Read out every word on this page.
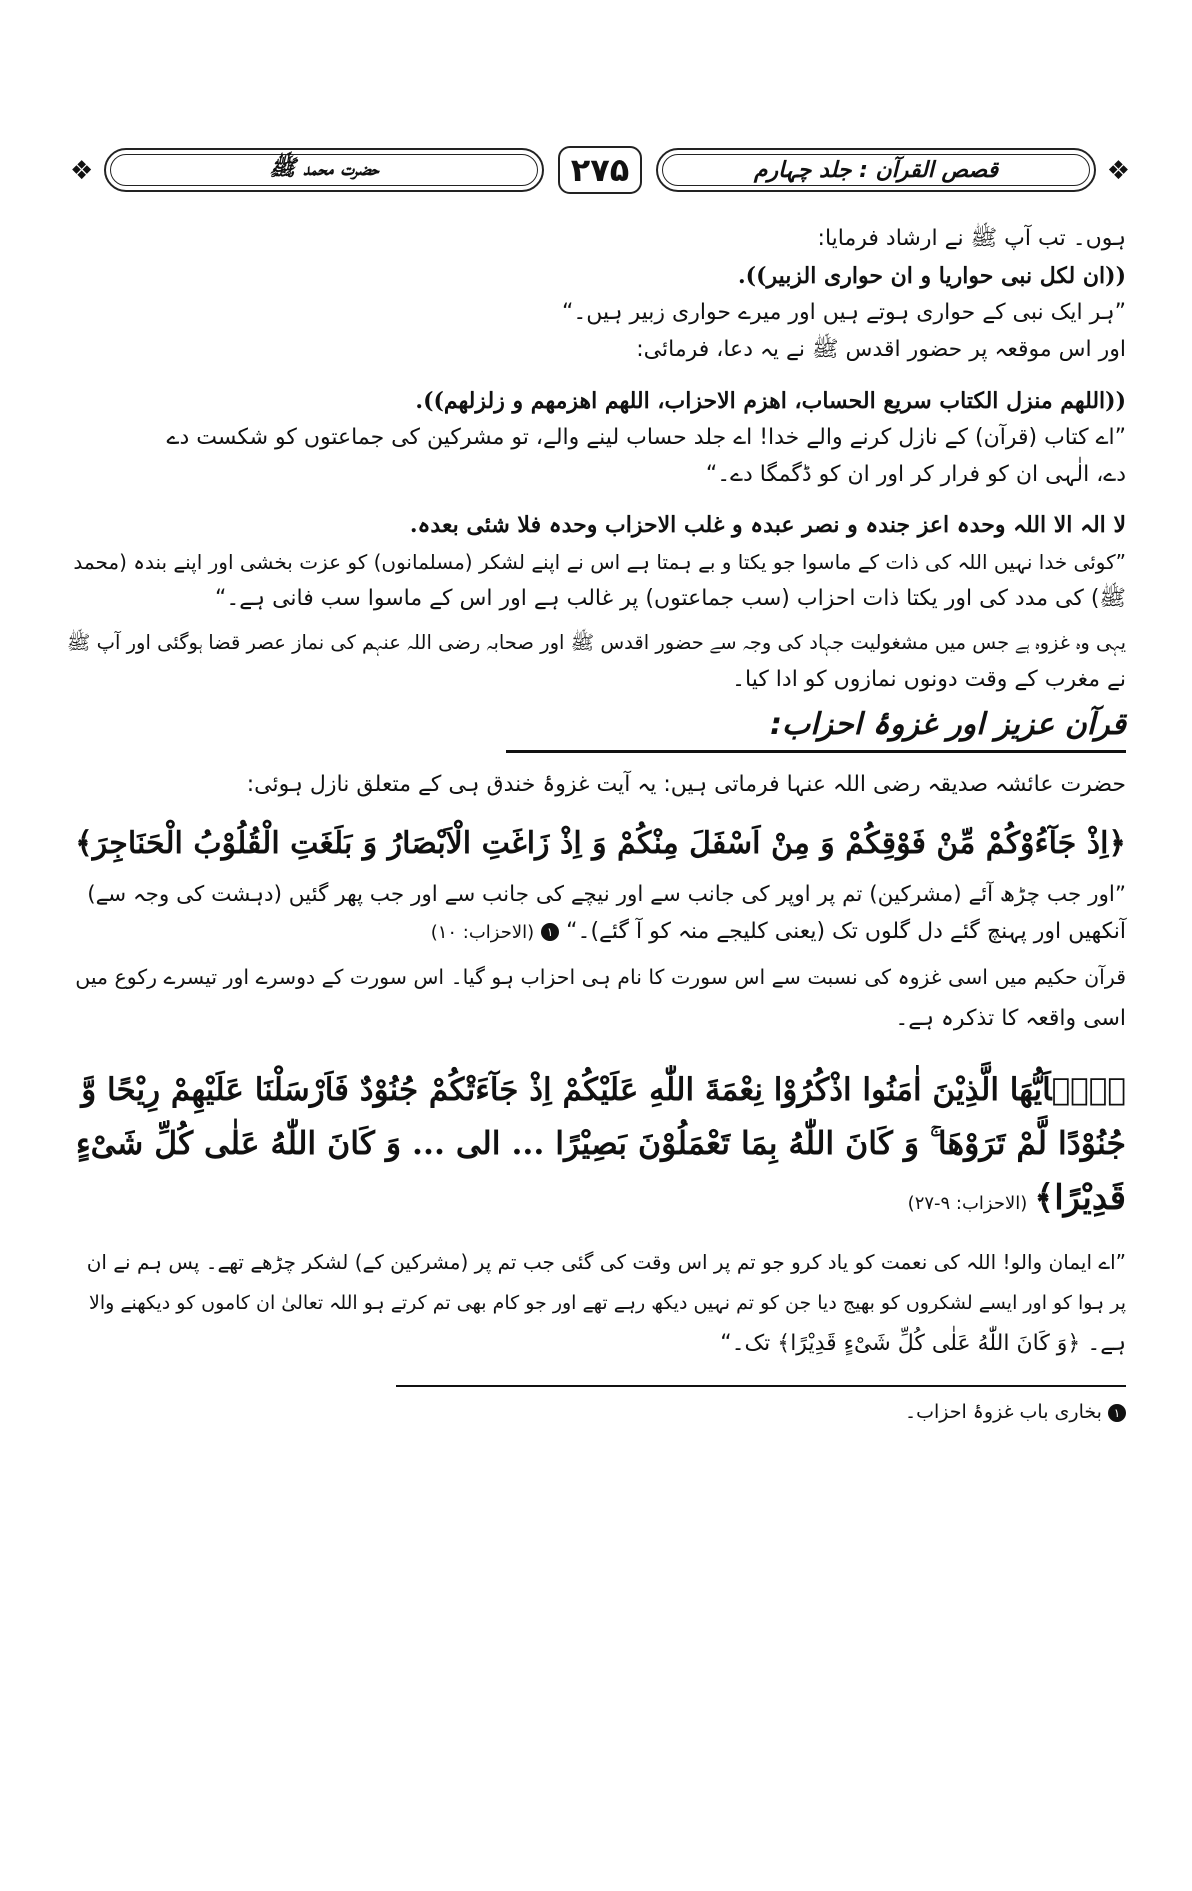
❖	حضرت محمد ﷺ	۲۷۵	قصص القرآن : جلد چہارم	❖
ہوں۔ تب آپ ﷺ نے ارشاد فرمایا:
((ان لکل نبی حواریا و ان حواری الزبیر)).
”ہر ایک نبی کے حواری ہوتے ہیں اور میرے حواری زبیر ہیں۔“
اور اس موقعہ پر حضور اقدس ﷺ نے یہ دعا، فرمائی:
((اللھم منزل الکتاب سریع الحساب، اھزم الاحزاب، اللھم اھزمھم و زلزلھم)).
”اے کتاب (قرآن) کے نازل کرنے والے خدا! اے جلد حساب لینے والے، تو مشرکین کی جماعتوں کو شکست دے
دے، الٰہی ان کو فرار کر اور ان کو ڈگمگا دے۔“
لا الہ الا اللہ وحدہ اعز جندہ و نصر عبدہ و غلب الاحزاب وحدہ فلا شئی بعدہ.
”کوئی خدا نہیں اللہ کی ذات کے ماسوا جو یکتا و بے ہمتا ہے اس نے اپنے لشکر (مسلمانوں) کو عزت بخشی اور اپنے بندہ (محمد
ﷺ) کی مدد کی اور یکتا ذات احزاب (سب جماعتوں) پر غالب ہے اور اس کے ماسوا سب فانی ہے۔“
یہی وہ غزوہ ہے جس میں مشغولیت جہاد کی وجہ سے حضور اقدس ﷺ اور صحابہ رضی اللہ عنہم کی نماز عصر قضا ہوگئی اور آپ ﷺ
نے مغرب کے وقت دونوں نمازوں کو ادا کیا۔
قرآن عزیز اور غزوۂ احزاب:
حضرت عائشہ صدیقہ رضی اللہ عنہا فرماتی ہیں: یہ آیت غزوۂ خندق ہی کے متعلق نازل ہوئی:
﴿اِذْ جَآءُوْكُمْ مِّنْ فَوْقِكُمْ وَ مِنْ اَسْفَلَ مِنْكُمْ وَ اِذْ زَاغَتِ الْاَبْصَارُ وَ بَلَغَتِ الْقُلُوْبُ الْحَنَاجِرَ﴾
”اور جب چڑھ آئے (مشرکین) تم پر اوپر کی جانب سے اور نیچے کی جانب سے اور جب پھر گئیں (دہشت کی وجہ سے)
آنکھیں اور پہنچ گئے دل گلوں تک (یعنی کلیجے منہ کو آ گئے)۔“ ۱ (الاحزاب: ۱۰)
قرآن حکیم میں اسی غزوہ کی نسبت سے اس سورت کا نام ہی احزاب ہو گیا۔ اس سورت کے دوسرے اور تیسرے رکوع میں
اسی واقعہ کا تذکرہ ہے۔
﴿یٰۤاَیُّهَا الَّذِیْنَ اٰمَنُوا اذْكُرُوْا نِعْمَةَ اللّٰهِ عَلَیْكُمْ اِذْ جَآءَتْكُمْ جُنُوْدٌ فَاَرْسَلْنَا عَلَیْهِمْ رِیْحًا وَّ
جُنُوْدًا لَّمْ تَرَوْهَا ۚ وَ كَانَ اللّٰهُ بِمَا تَعْمَلُوْنَ بَصِیْرًا ... الی ... وَ كَانَ اللّٰهُ عَلٰی كُلِّ شَیْءٍ
قَدِیْرًا﴾ (الاحزاب: ۹-۲۷)
”اے ایمان والو! اللہ کی نعمت کو یاد کرو جو تم پر اس وقت کی گئی جب تم پر (مشرکین کے) لشکر چڑھے تھے۔ پس ہم نے ان
پر ہوا کو اور ایسے لشکروں کو بھیج دیا جن کو تم نہیں دیکھ رہے تھے اور جو کام بھی تم کرتے ہو اللہ تعالیٰ ان کاموں کو دیکھنے والا
ہے۔ ﴿وَ كَانَ اللّٰهُ عَلٰی كُلِّ شَیْءٍ قَدِیْرًا﴾ تک۔“
۱ بخاری باب غزوۂ احزاب۔
